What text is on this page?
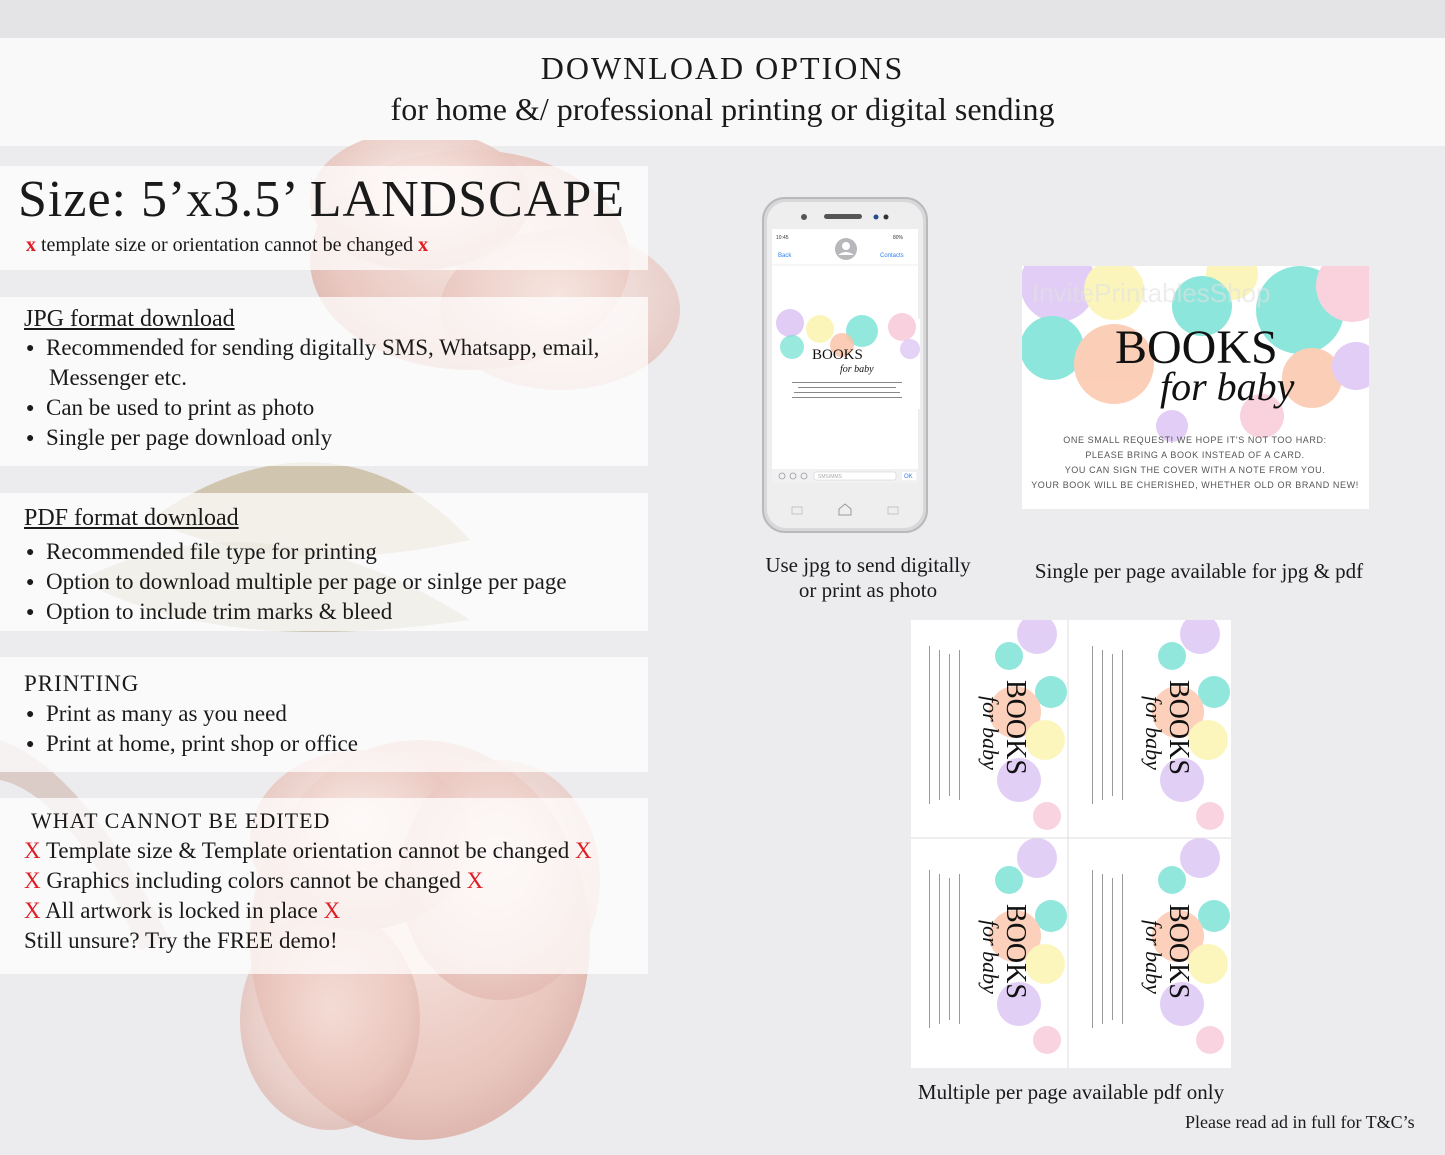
DOWNLOAD OPTIONS
for home &/ professional printing or digital sending
Size: 5’x3.5’ LANDSCAPE
x template size or orientation cannot be changed x
JPG format download
● Recommended for sending digitally SMS, Whatsapp, email,
Messenger etc.
● Can be used to print as photo
● Single per page download only
PDF format download
● Recommended file type for printing
● Option to download multiple per page or sinlge per page
● Option to include trim marks & bleed
PRINTING
● Print as many as you need
● Print at home, print shop or office
WHAT CANNOT BE EDITED
X Template size & Template orientation cannot be changed X
X Graphics including colors cannot be changed X
X All artwork is locked in place X
Still unsure? Try the FREE demo!
10:45	80%
Back	Contacts
BOOKS
for baby
SMS/MMS	OK
Use jpg to send digitally
or print as photo
BOOKS
for baby
InvitePrintablesShop
ONE SMALL REQUEST! WE HOPE IT'S NOT TOO HARD:
PLEASE BRING A BOOK INSTEAD OF A CARD.
YOU CAN SIGN THE COVER WITH A NOTE FROM YOU.
YOUR BOOK WILL BE CHERISHED, WHETHER OLD OR BRAND NEW!
Single per page available for jpg & pdf
BOOKS
for baby
Multiple per page available pdf only
Please read ad in full for T&C’s
